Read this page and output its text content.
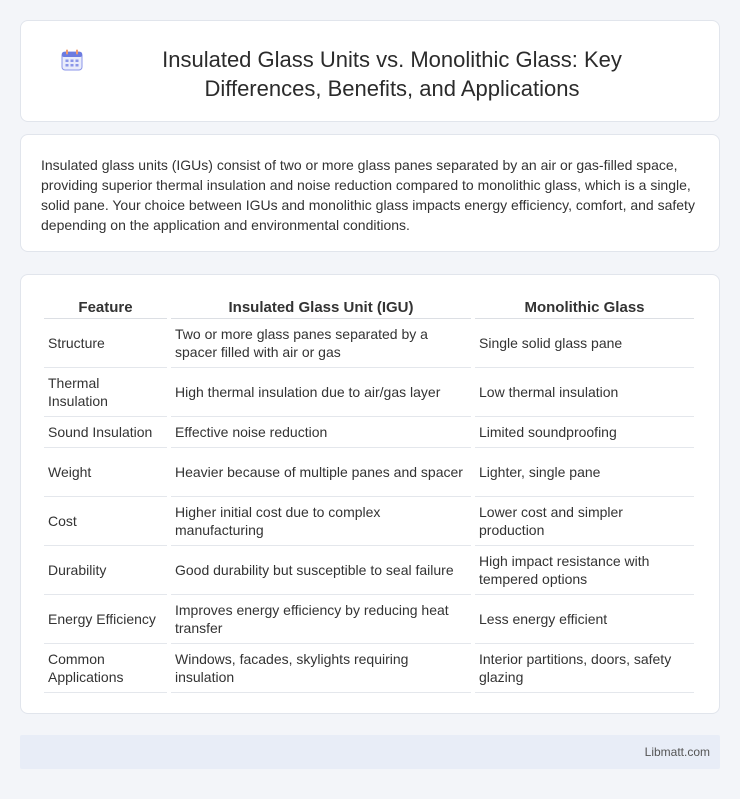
Insulated Glass Units vs. Monolithic Glass: Key Differences, Benefits, and Applications

Insulated glass units (IGUs) consist of two or more glass panes separated by an air or gas-filled space, providing superior thermal insulation and noise reduction compared to monolithic glass, which is a single, solid pane. Your choice between IGUs and monolithic glass impacts energy efficiency, comfort, and safety depending on the application and environmental conditions.

Feature	Insulated Glass Unit (IGU)	Monolithic Glass
Structure	Two or more glass panes separated by a spacer filled with air or gas	Single solid glass pane
Thermal Insulation	High thermal insulation due to air/gas layer	Low thermal insulation
Sound Insulation	Effective noise reduction	Limited soundproofing
Weight	Heavier because of multiple panes and spacer	Lighter, single pane
Cost	Higher initial cost due to complex manufacturing	Lower cost and simpler production
Durability	Good durability but susceptible to seal failure	High impact resistance with tempered options
Energy Efficiency	Improves energy efficiency by reducing heat transfer	Less energy efficient
Common Applications	Windows, facades, skylights requiring insulation	Interior partitions, doors, safety glazing
Libmatt.com
